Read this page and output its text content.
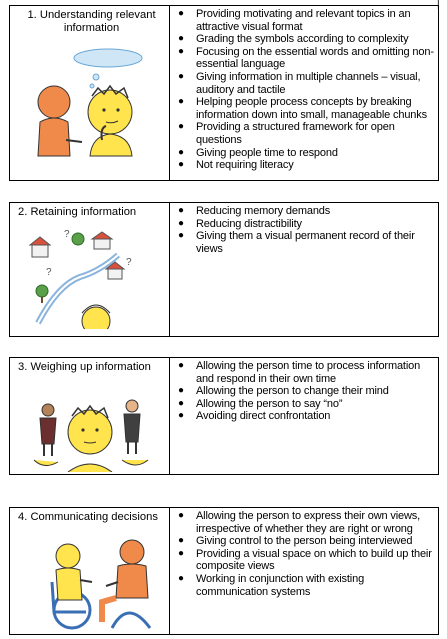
|
1. Understanding relevant information
● Providing motivating and relevant topics in an attractive visual format
● Grading the symbols according to complexity
● Focusing on the essential words and omitting non-essential language
● Giving information in multiple channels – visual, auditory and tactile
● Helping people process concepts by breaking information down into small, manageable chunks
● Providing a structured framework for open questions
● Giving people time to respond
● Not requiring literacy
2. Retaining information
?
?
?
● Reducing memory demands
● Reducing distractibility
● Giving them a visual permanent record of their views
3. Weighing up information	● Allowing the person time to process information and respond in their own time
● Allowing the person to change their mind
● Allowing the person to say “no”
● Avoiding direct confrontation
4. Communicating decisions	● Allowing the person to express their own views, irrespective of whether they are right or wrong
● Giving control to the person being interviewed
● Providing a visual space on which to build up their composite views
● Working in conjunction with existing communication systems
